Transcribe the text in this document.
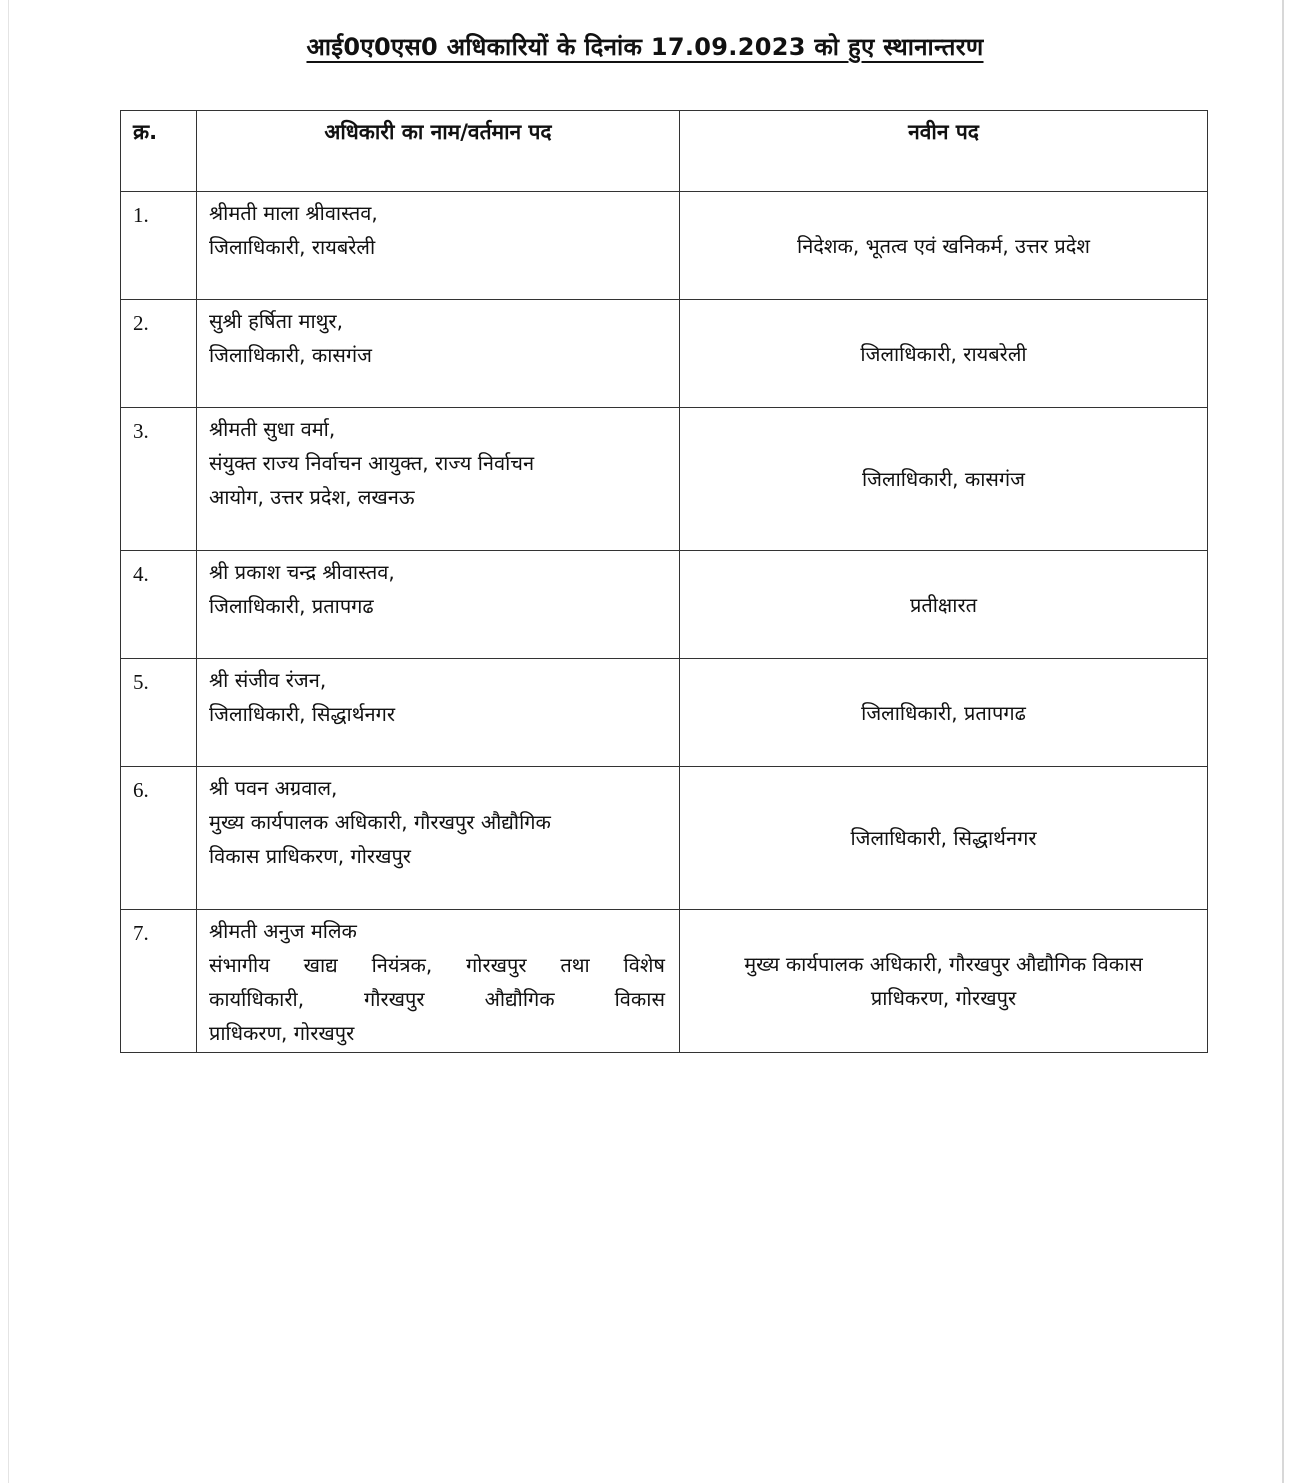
आई0ए0एस0 अधिकारियों के दिनांक 17.09.2023 को हुए स्थानान्तरण
क्र.	अधिकारी का नाम/वर्तमान पद	नवीन पद
1.	श्रीमती माला श्रीवास्तव,
जिलाधिकारी, रायबरेली	निदेशक, भूतत्व एवं खनिकर्म, उत्तर प्रदेश
2.	सुश्री हर्षिता माथुर,
जिलाधिकारी, कासगंज	जिलाधिकारी, रायबरेली
3.	श्रीमती सुधा वर्मा,
संयुक्त राज्य निर्वाचन आयुक्त, राज्य निर्वाचन
आयोग, उत्तर प्रदेश, लखनऊ	जिलाधिकारी, कासगंज
4.	श्री प्रकाश चन्द्र श्रीवास्तव,
जिलाधिकारी, प्रतापगढ	प्रतीक्षारत
5.	श्री संजीव रंजन,
जिलाधिकारी, सिद्धार्थनगर	जिलाधिकारी, प्रतापगढ
6.	श्री पवन अग्रवाल,
मुख्य कार्यपालक अधिकारी, गौरखपुर औद्यौगिक
विकास प्राधिकरण, गोरखपुर	जिलाधिकारी, सिद्धार्थनगर
7.	श्रीमती अनुज मलिक
संभागीय खाद्य नियंत्रक, गोरखपुर तथा विशेष
कार्याधिकारी, गौरखपुर औद्यौगिक विकास
प्राधिकरण, गोरखपुर	मुख्य कार्यपालक अधिकारी, गौरखपुर औद्यौगिक विकास
प्राधिकरण, गोरखपुर
